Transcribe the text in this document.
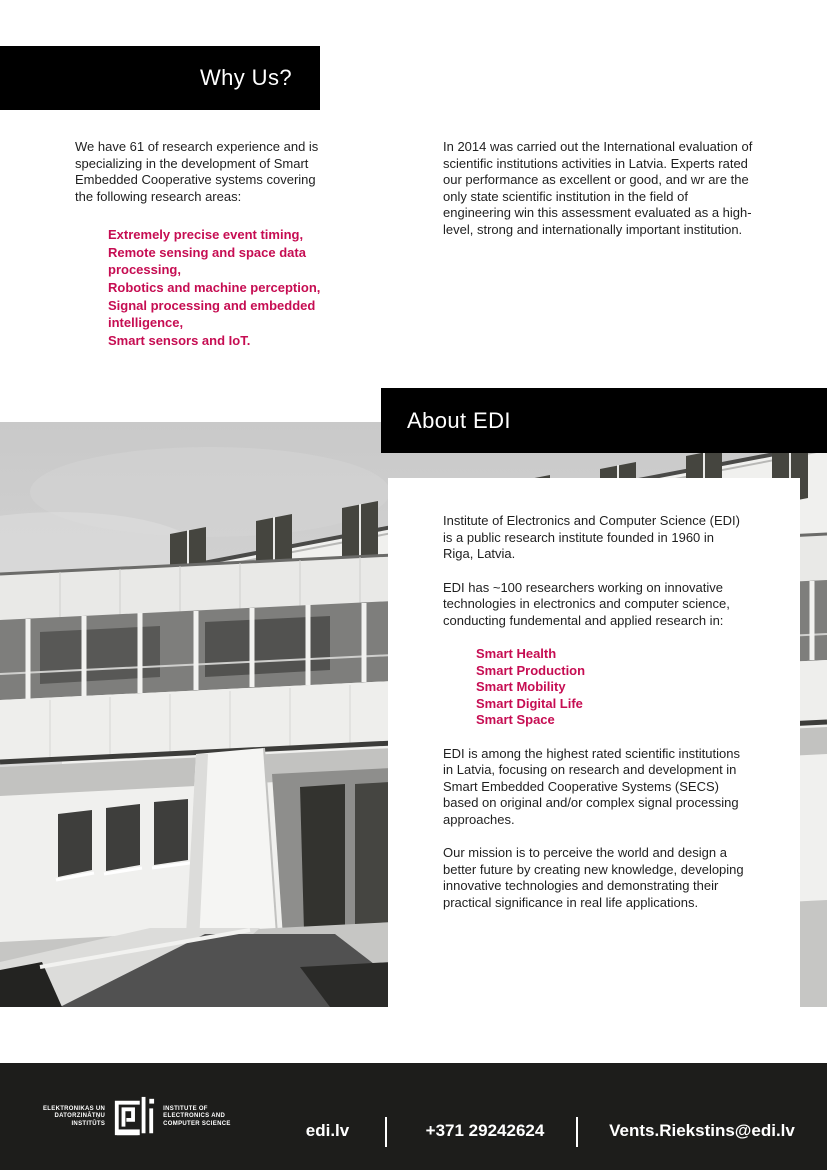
Why Us?

We have 61 of research experience and is specializing in the development of Smart Embedded Cooperative systems covering the following research areas:

Extremely precise event timing,
Remote sensing and space data processing,
Robotics and machine perception,
Signal processing and embedded intelligence,
Smart sensors and IoT.

In 2014 was carried out the International evaluation of scientific institutions activities in Latvia. Experts rated our performance as excellent or good, and wr are the only state scientific institution in the field of engineering win this assessment evaluated as a high-level, strong and internationally important institution.

About EDI

Institute of Electronics and Computer Science (EDI) is a public research institute founded in 1960 in Riga, Latvia.

EDI has ~100 researchers working on innovative technologies in electronics and computer science, conducting fundemental and applied research in:

Smart Health
Smart Production
Smart Mobility
Smart Digital Life
Smart Space

EDI is among the highest rated scientific institutions in Latvia, focusing on research and development in Smart Embedded Cooperative Systems (SECS) based on original and/or complex signal processing approaches.

Our mission is to perceive the world and design a better future by creating new knowledge, developing innovative technologies and demonstrating their practical significance in real life applications.

ELEKTRONIKAS UN
DATORZINĀTŅU
INSTITŪTS
INSTITUTE OF
ELECTRONICS AND
COMPUTER SCIENCE	edi.lv	+371 29242624	Vents.Riekstins@edi.lv
